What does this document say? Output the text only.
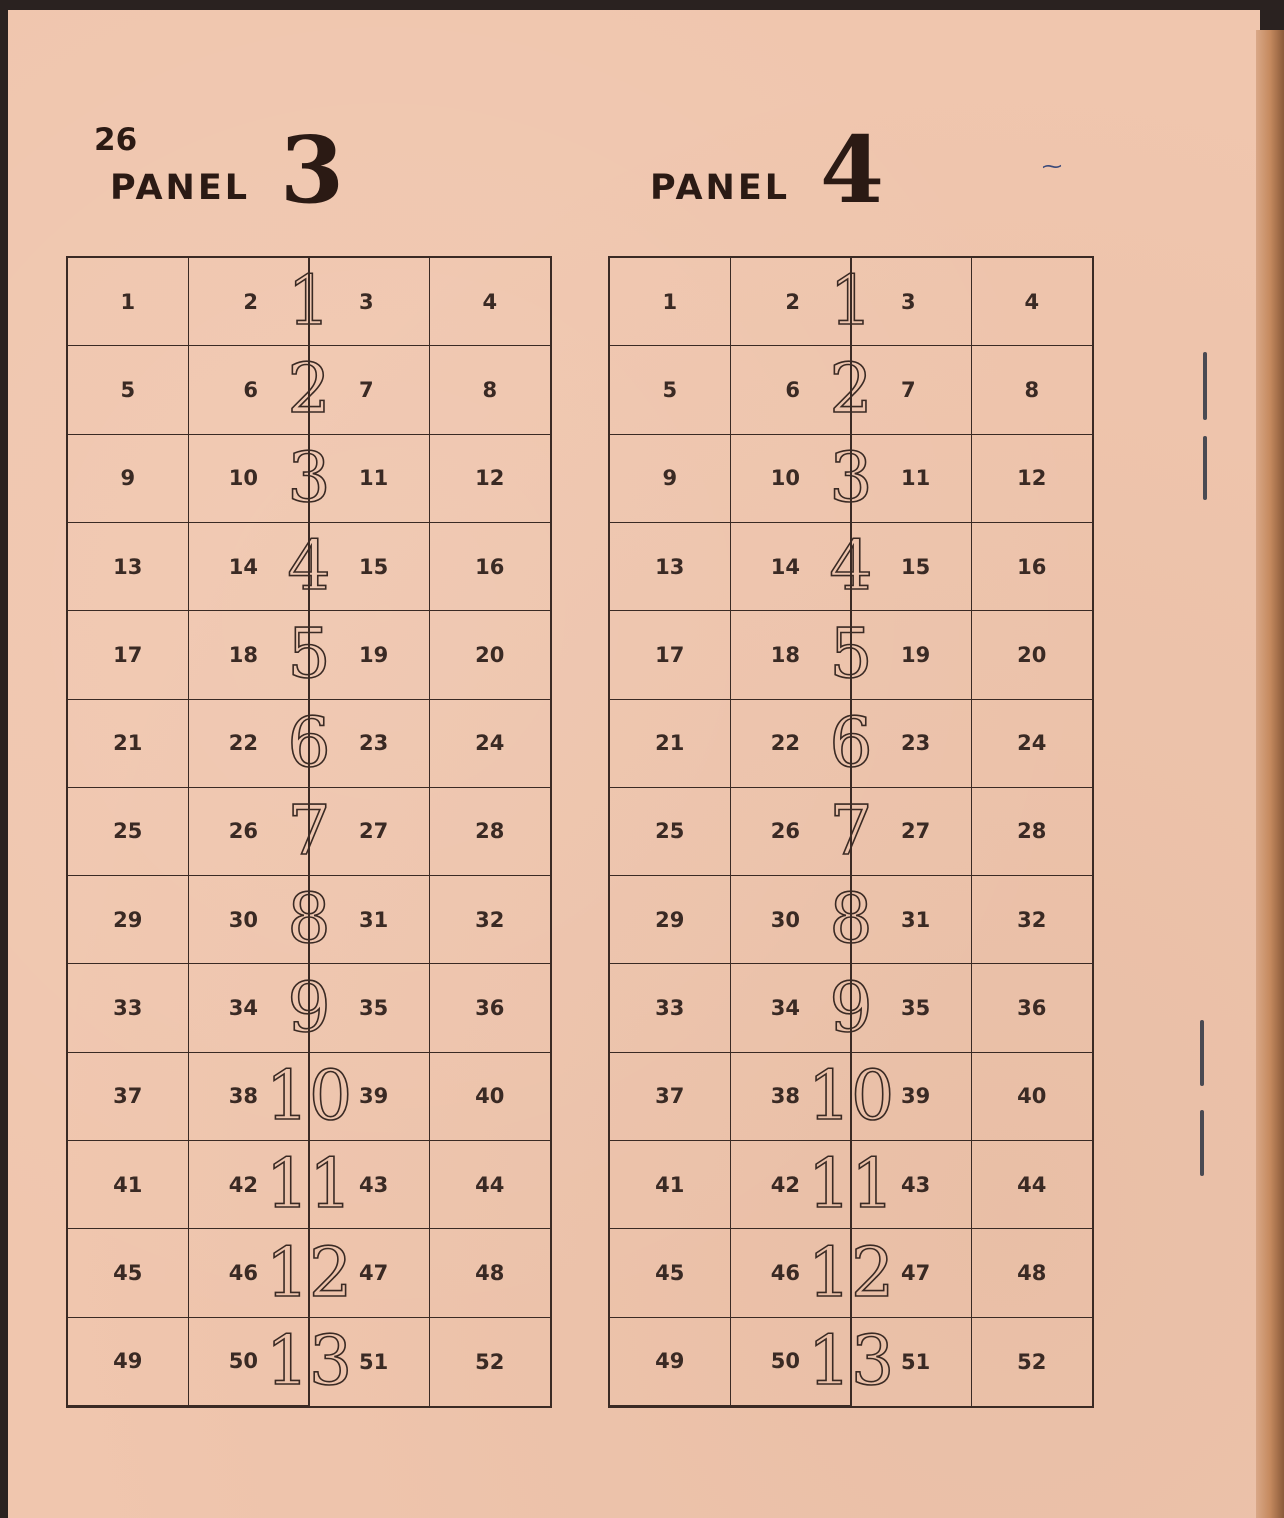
26
PANEL 3	PANEL 4	⁓
1	2	3	4
5	6	7	8
9	10	11	12
13	14	15	16
17	18	19	20
21	22	23	24
25	26	27	28
29	30	31	32
33	34	35	36
37	38	39	40
41	42	43	44
45	46	47	48
49	50	51	52
1
2
3
4
5
6
7
8
9
10
11
12
13
1	2	3	4
5	6	7	8
9	10	11	12
13	14	15	16
17	18	19	20
21	22	23	24
25	26	27	28
29	30	31	32
33	34	35	36
37	38	39	40
41	42	43	44
45	46	47	48
49	50	51	52
1
2
3
4
5
6
7
8
9
10
11
12
13
